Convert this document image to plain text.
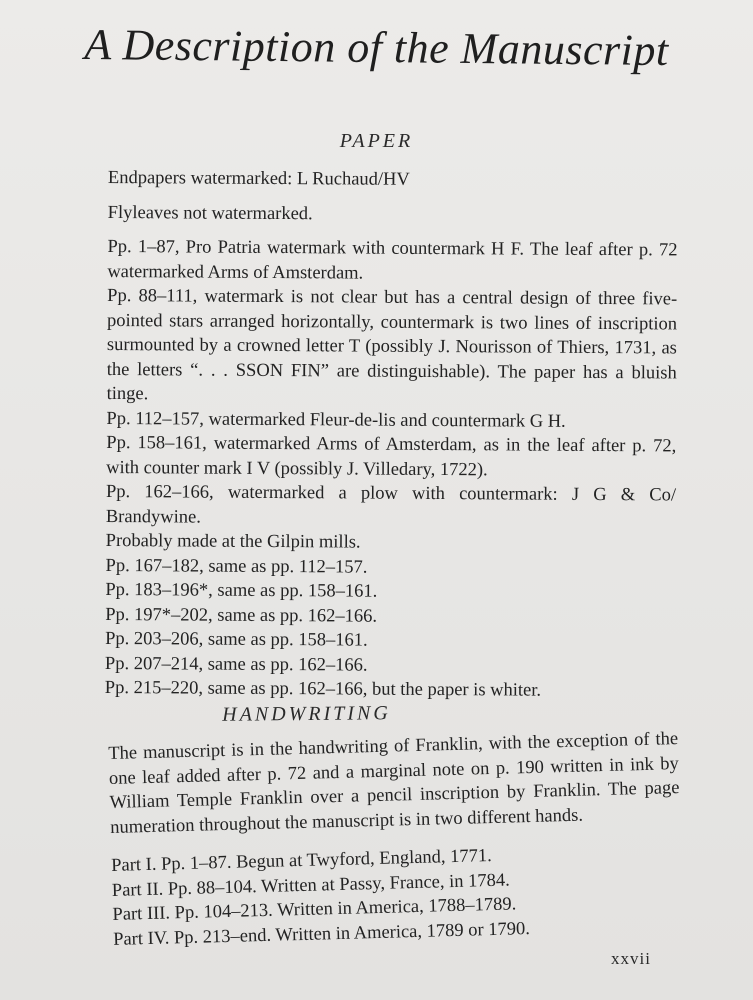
A Description of the Manuscript
PAPER

Endpapers watermarked: L Ruchaud/HV

Flyleaves not watermarked.

Pp. 1–87, Pro Patria watermark with countermark H F. The leaf after p. 72 watermarked Arms of Amsterdam.

Pp. 88–111, watermark is not clear but has a central design of three five-pointed stars arranged horizontally, countermark is two lines of inscription surmounted by a crowned letter T (possibly J. Nourisson of Thiers, 1731, as the letters “. . . SSON FIN” are distinguishable). The paper has a bluish tinge.

Pp. 112–157, watermarked Fleur-de-lis and countermark G H.

Pp. 158–161, watermarked Arms of Amsterdam, as in the leaf after p. 72, with counter mark I V (possibly J. Villedary, 1722).

Pp. 162–166, watermarked a plow with countermark: J G & Co/ Brandywine.

Probably made at the Gilpin mills.

Pp. 167–182, same as pp. 112–157.

Pp. 183–196*, same as pp. 158–161.

Pp. 197*–202, same as pp. 162–166.

Pp. 203–206, same as pp. 158–161.

Pp. 207–214, same as pp. 162–166.

Pp. 215–220, same as pp. 162–166, but the paper is whiter.

HANDWRITING

The manuscript is in the handwriting of Franklin, with the exception of the one leaf added after p. 72 and a marginal note on p. 190 written in ink by William Temple Franklin over a pencil inscription by Franklin. The page numeration throughout the manuscript is in two different hands.

Part I. Pp. 1–87. Begun at Twyford, England, 1771.

Part II. Pp. 88–104. Written at Passy, France, in 1784.

Part III. Pp. 104–213. Written in America, 1788–1789.

Part IV. Pp. 213–end. Written in America, 1789 or 1790.

xxvii
